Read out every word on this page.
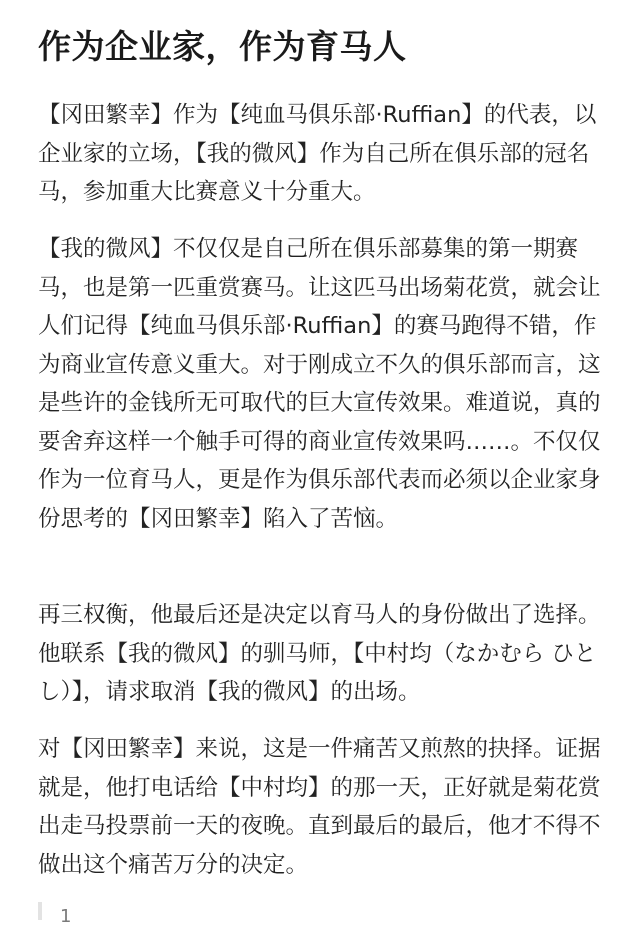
作为企业家，作为育马人

【冈田繁幸】作为【纯血马俱乐部·Ruffian】的代表，以企业家的立场，【我的微风】作为自己所在俱乐部的冠名马，参加重大比赛意义十分重大。

【我的微风】不仅仅是自己所在俱乐部募集的第一期赛马，也是第一匹重赏赛马。让这匹马出场菊花赏，就会让人们记得【纯血马俱乐部·Ruffian】的赛马跑得不错，作为商业宣传意义重大。对于刚成立不久的俱乐部而言，这是些许的金钱所无可取代的巨大宣传效果。难道说，真的要舍弃这样一个触手可得的商业宣传效果吗……。不仅仅作为一位育马人，更是作为俱乐部代表而必须以企业家身份思考的【冈田繁幸】陷入了苦恼。

再三权衡，他最后还是决定以育马人的身份做出了选择。他联系【我的微风】的驯马师，【中村均（なかむら ひとし）】，请求取消【我的微风】的出场。

对【冈田繁幸】来说，这是一件痛苦又煎熬的抉择。证据就是，他打电话给【中村均】的那一天，正好就是菊花赏出走马投票前一天的夜晚。直到最后的最后，他才不得不做出这个痛苦万分的决定。

1
